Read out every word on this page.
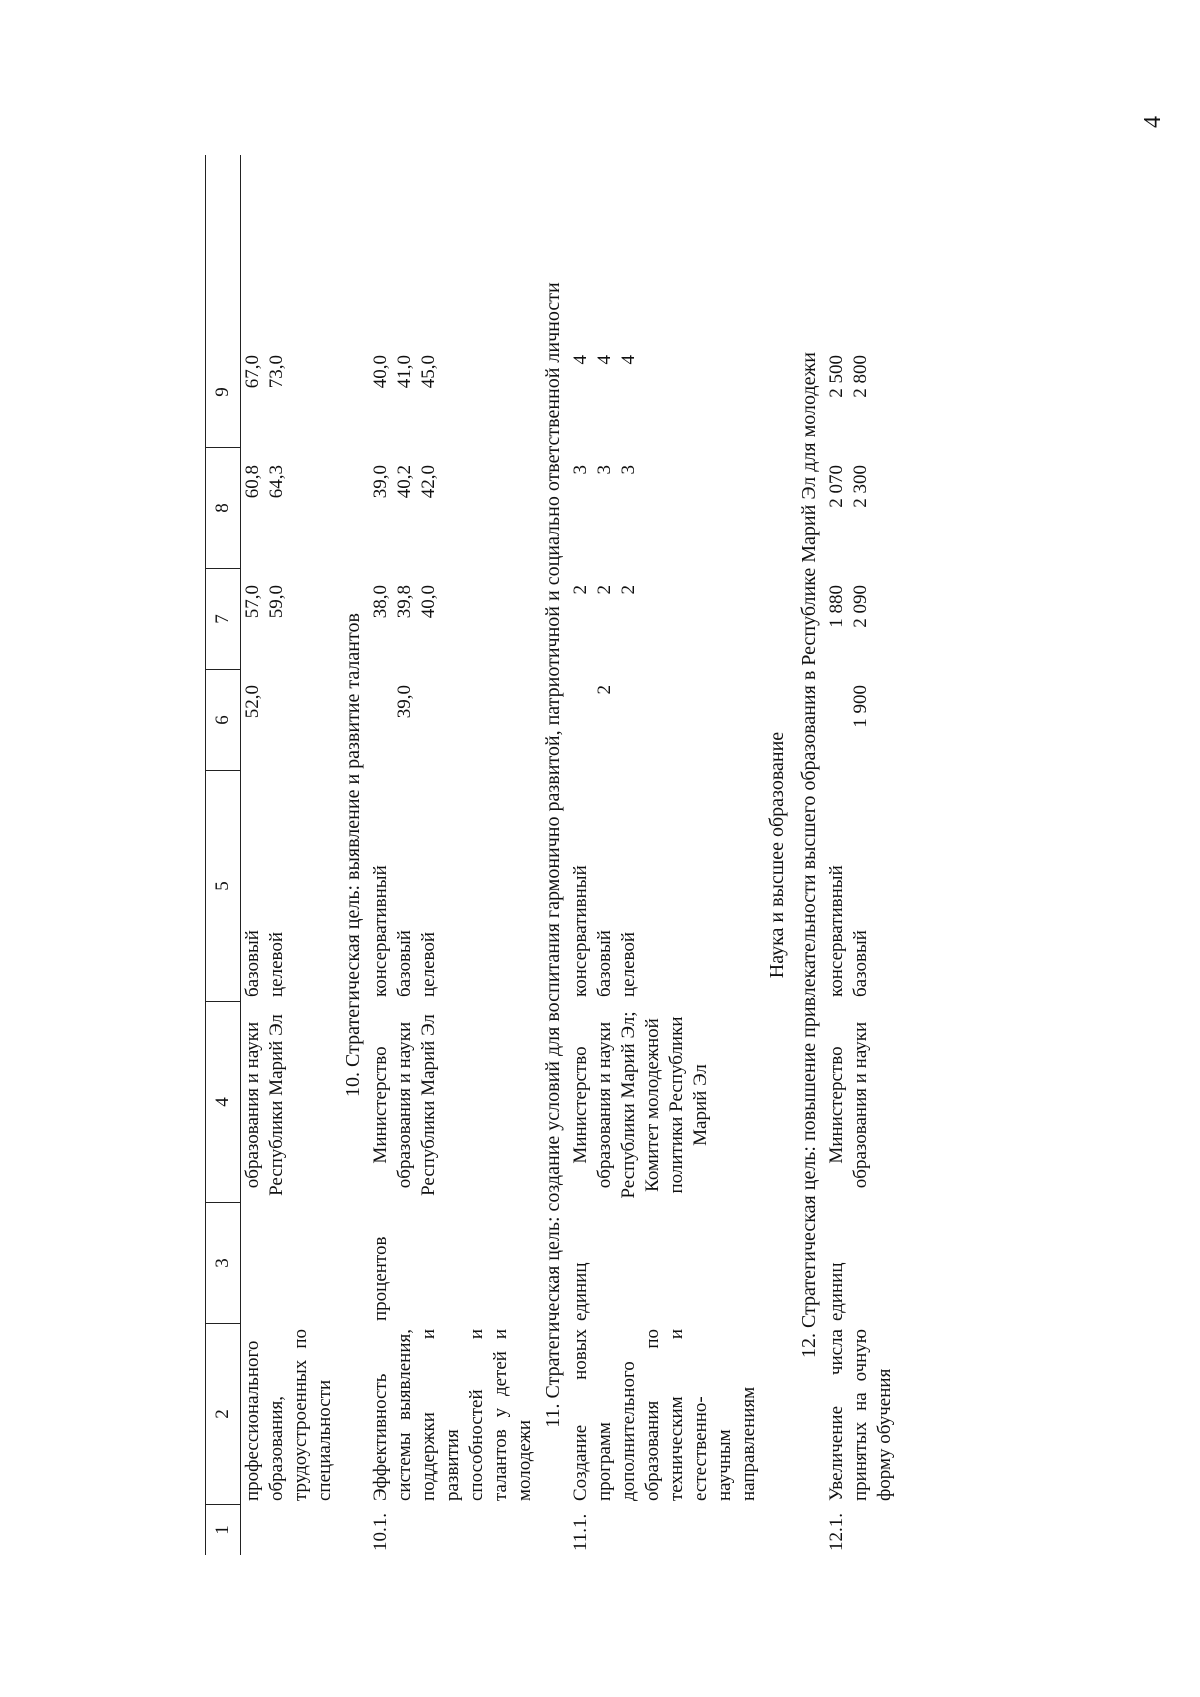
4
1
2
3
4
5
6
7
8
9
профессионального образования, трудоустроенных по специальности
образования и науки Республики Марий Эл
базовый
52,0
57,0
60,8
67,0
целевой
59,0
64,3
73,0
10. Стратегическая цель: выявление и развитие талантов
10.1.
Эффективность системы выявления, поддержки и развития способностей и талантов у детей и молодежи
процентов
Министерство образования и науки Республики Марий Эл
консервативный
38,0
39,0
40,0
базовый
39,0
39,8
40,2
41,0
целевой
40,0
42,0
45,0	11. Стратегическая цель: создание условий для воспитания гармонично развитой, патриотичной и социально ответственной личности
11.1.
Создание новых программ дополнительного образования по техническим и естественно-научным направлениям
единиц
Министерство образования и науки Республики Марий Эл; Комитет молодежной политики Республики Марий Эл
консервативный
2
3
4
базовый
2
2
3
4
целевой
2
3
4
Наука и высшее образование 12. Стратегическая цель: повышение привлекательности высшего образования в Республике Марий Эл для молодежи
12.1.
Увеличение числа принятых на очную форму обучения
единиц
Министерство образования и науки
консервативный
1 880
2 070
2 500
базовый
1 900
2 090
2 300
2 800
